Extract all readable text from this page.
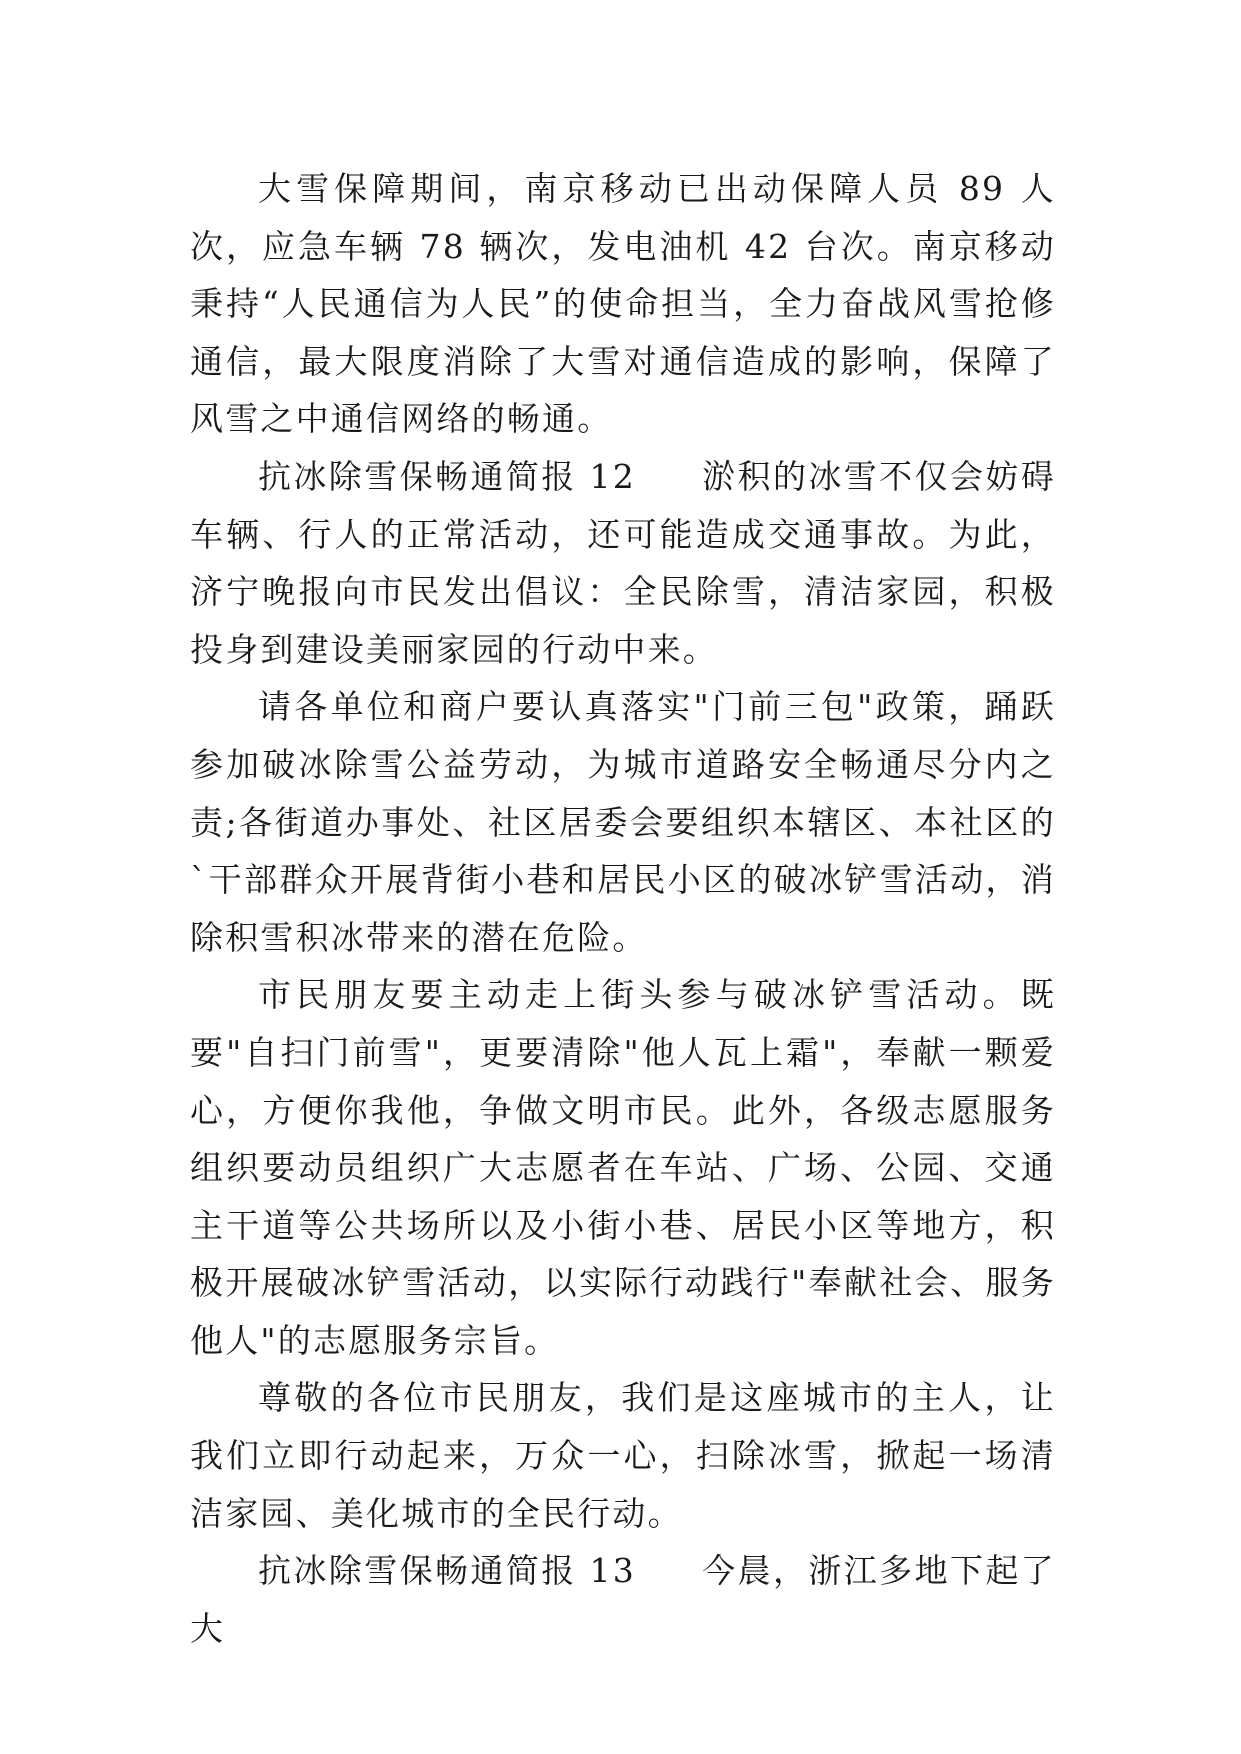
大雪保障期间，南京移动已出动保障人员 89 人次，应急车辆 78 辆次，发电油机 42 台次。南京移动秉持“人民通信为人民”的使命担当，全力奋战风雪抢修通信，最大限度消除了大雪对通信造成的影响，保障了风雪之中通信网络的畅通。

抗冰除雪保畅通简报 12 淤积的冰雪不仅会妨碍车辆、行人的正常活动，还可能造成交通事故。为此，济宁晚报向市民发出倡议：全民除雪，清洁家园，积极投身到建设美丽家园的行动中来。

请各单位和商户要认真落实"门前三包"政策，踊跃参加破冰除雪公益劳动，为城市道路安全畅通尽分内之责;各街道办事处、社区居委会要组织本辖区、本社区的`干部群众开展背街小巷和居民小区的破冰铲雪活动，消除积雪积冰带来的潜在危险。

市民朋友要主动走上街头参与破冰铲雪活动。既要"自扫门前雪"，更要清除"他人瓦上霜"，奉献一颗爱心，方便你我他，争做文明市民。此外，各级志愿服务组织要动员组织广大志愿者在车站、广场、公园、交通主干道等公共场所以及小街小巷、居民小区等地方，积极开展破冰铲雪活动，以实际行动践行"奉献社会、服务他人"的志愿服务宗旨。

尊敬的各位市民朋友，我们是这座城市的主人，让我们立即行动起来，万众一心，扫除冰雪，掀起一场清洁家园、美化城市的全民行动。

抗冰除雪保畅通简报 13 今晨，浙江多地下起了大
